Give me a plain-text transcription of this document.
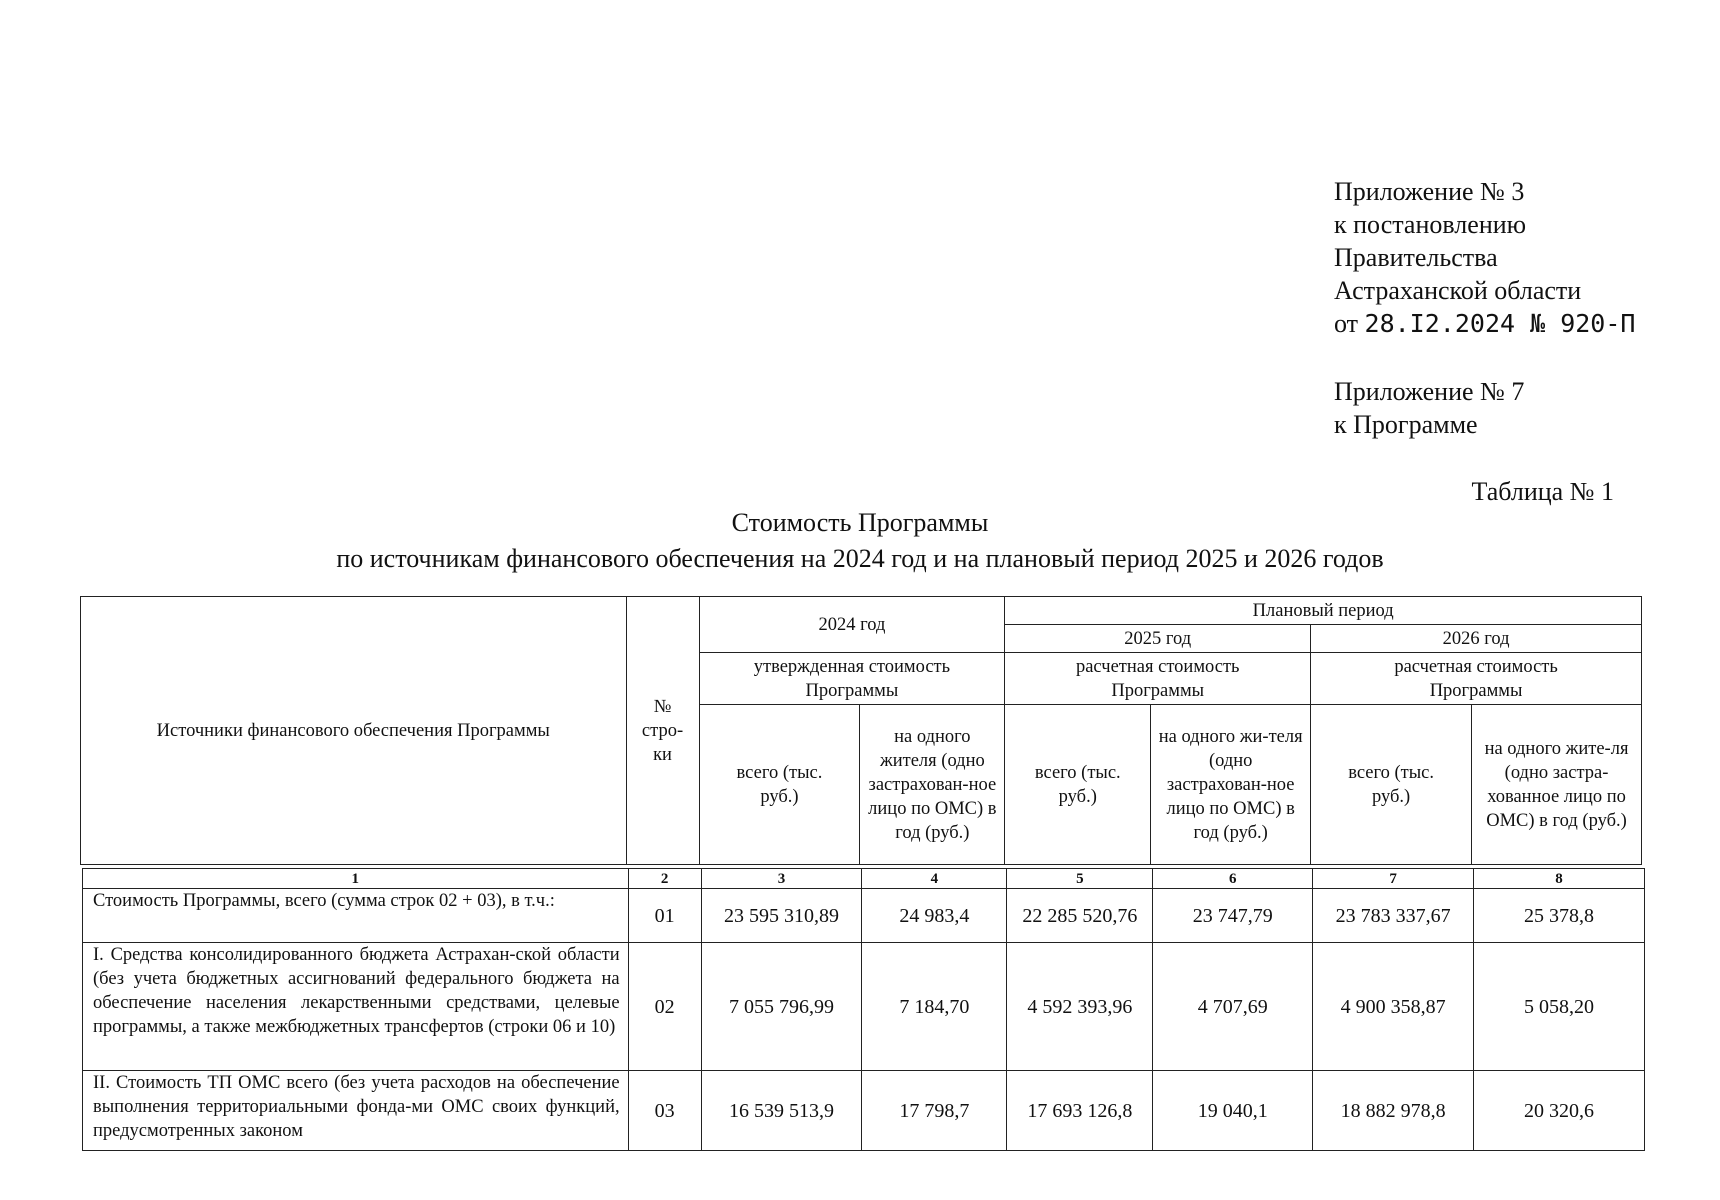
Приложение № 3
к постановлению
Правительства
Астраханской области
от 28.I2.2024 № 920-П
Приложение № 7
к Программе
Таблица № 1
Стоимость Программы
по источникам финансового обеспечения на 2024 год и на плановый период 2025 и 2026 годов
Источники финансового обеспечения Программы	№ стро-ки	2024 год		Плановый период			
				2025 год		2026 год	
		утвержденная стоимость Программы		расчетная стоимость Программы		расчетная стоимость Программы	
		всего (тыс. руб.)	на одного жителя (одно застрахован-ное лицо по ОМС) в год (руб.)	всего (тыс. руб.)	на одного жи-теля (одно застрахован-ное лицо по ОМС) в год (руб.)	всего (тыс. руб.)	на одного жите-ля (одно застра-хованное лицо по ОМС) в год (руб.)
1	2	3	4	5	6	7	8
Стоимость Программы, всего (сумма строк 02 + 03), в т.ч.:	01	23 595 310,89	24 983,4	22 285 520,76	23 747,79	23 783 337,67	25 378,8
I. Средства консолидированного бюджета Астрахан-ской области (без учета бюджетных ассигнований федерального бюджета на обеспечение населения лекарственными средствами, целевые программы, а также межбюджетных трансфертов (строки 06 и 10)	02	7 055 796,99	7 184,70	4 592 393,96	4 707,69	4 900 358,87	5 058,20
II. Стоимость ТП ОМС всего (без учета расходов на обеспечение выполнения территориальными фонда-ми ОМС своих функций, предусмотренных законом	03	16 539 513,9	17 798,7	17 693 126,8	19 040,1	18 882 978,8	20 320,6
